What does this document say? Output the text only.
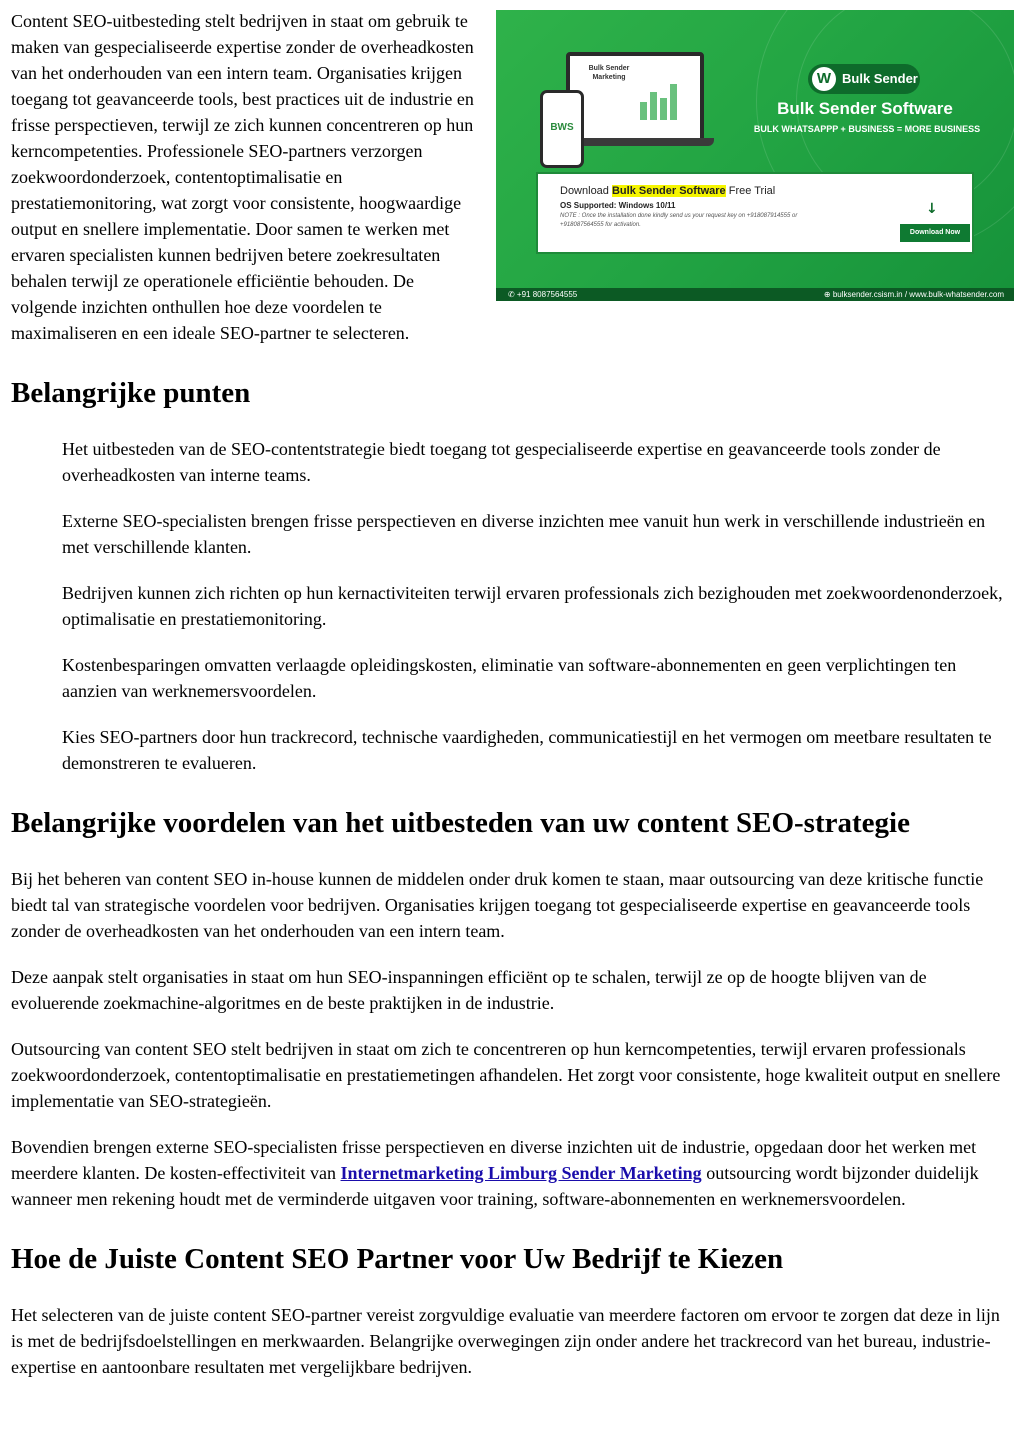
Bulk Sender Marketing
BWS
W Bulk Sender
Bulk Sender Software
BULK WHATSAPPP + BUSINESS = MORE BUSINESS
Download Bulk Sender Software Free Trial
OS Supported: Windows 10/11
NOTE : Once the installation done kindly send us your request key on +918087914555 or +918087564555 for activation.
↓
Download Now
✆ +91 8087564555	⊕ bulksender.csism.in / www.bulk-whatsender.com

Content SEO-uitbesteding stelt bedrijven in staat om gebruik te maken van gespecialiseerde expertise zonder de overheadkosten van het onderhouden van een intern team. Organisaties krijgen toegang tot geavanceerde tools, best practices uit de industrie en frisse perspectieven, terwijl ze zich kunnen concentreren op hun kerncompetenties. Professionele SEO-partners verzorgen zoekwoordonderzoek, contentoptimalisatie en prestatiemonitoring, wat zorgt voor consistente, hoogwaardige output en snellere implementatie. Door samen te werken met ervaren specialisten kunnen bedrijven betere zoekresultaten behalen terwijl ze operationele efficiëntie behouden. De volgende inzichten onthullen hoe deze voordelen te maximaliseren en een ideale SEO-partner te selecteren.

Belangrijke punten

Het uitbesteden van de SEO-contentstrategie biedt toegang tot gespecialiseerde expertise en geavanceerde tools zonder de overheadkosten van interne teams.

Externe SEO-specialisten brengen frisse perspectieven en diverse inzichten mee vanuit hun werk in verschillende industrieën en met verschillende klanten.

Bedrijven kunnen zich richten op hun kernactiviteiten terwijl ervaren professionals zich bezighouden met zoekwoordenonderzoek, optimalisatie en prestatiemonitoring.

Kostenbesparingen omvatten verlaagde opleidingskosten, eliminatie van software-abonnementen en geen verplichtingen ten aanzien van werknemersvoordelen.

Kies SEO-partners door hun trackrecord, technische vaardigheden, communicatiestijl en het vermogen om meetbare resultaten te demonstreren te evalueren.

Belangrijke voordelen van het uitbesteden van uw content SEO-strategie

Bij het beheren van content SEO in-house kunnen de middelen onder druk komen te staan, maar outsourcing van deze kritische functie biedt tal van strategische voordelen voor bedrijven. Organisaties krijgen toegang tot gespecialiseerde expertise en geavanceerde tools zonder de overheadkosten van het onderhouden van een intern team.

Deze aanpak stelt organisaties in staat om hun SEO-inspanningen efficiënt op te schalen, terwijl ze op de hoogte blijven van de evoluerende zoekmachine-algoritmes en de beste praktijken in de industrie.

Outsourcing van content SEO stelt bedrijven in staat om zich te concentreren op hun kerncompetenties, terwijl ervaren professionals zoekwoordonderzoek, contentoptimalisatie en prestatiemetingen afhandelen. Het zorgt voor consistente, hoge kwaliteit output en snellere implementatie van SEO-strategieën.

Bovendien brengen externe SEO-specialisten frisse perspectieven en diverse inzichten uit de industrie, opgedaan door het werken met meerdere klanten. De kosten-effectiviteit van Internetmarketing Limburg Sender Marketing outsourcing wordt bijzonder duidelijk wanneer men rekening houdt met de verminderde uitgaven voor training, software-abonnementen en werknemersvoordelen.

Hoe de Juiste Content SEO Partner voor Uw Bedrijf te Kiezen

Het selecteren van de juiste content SEO-partner vereist zorgvuldige evaluatie van meerdere factoren om ervoor te zorgen dat deze in lijn is met de bedrijfsdoelstellingen en merkwaarden. Belangrijke overwegingen zijn onder andere het trackrecord van het bureau, industrie-expertise en aantoonbare resultaten met vergelijkbare bedrijven.
